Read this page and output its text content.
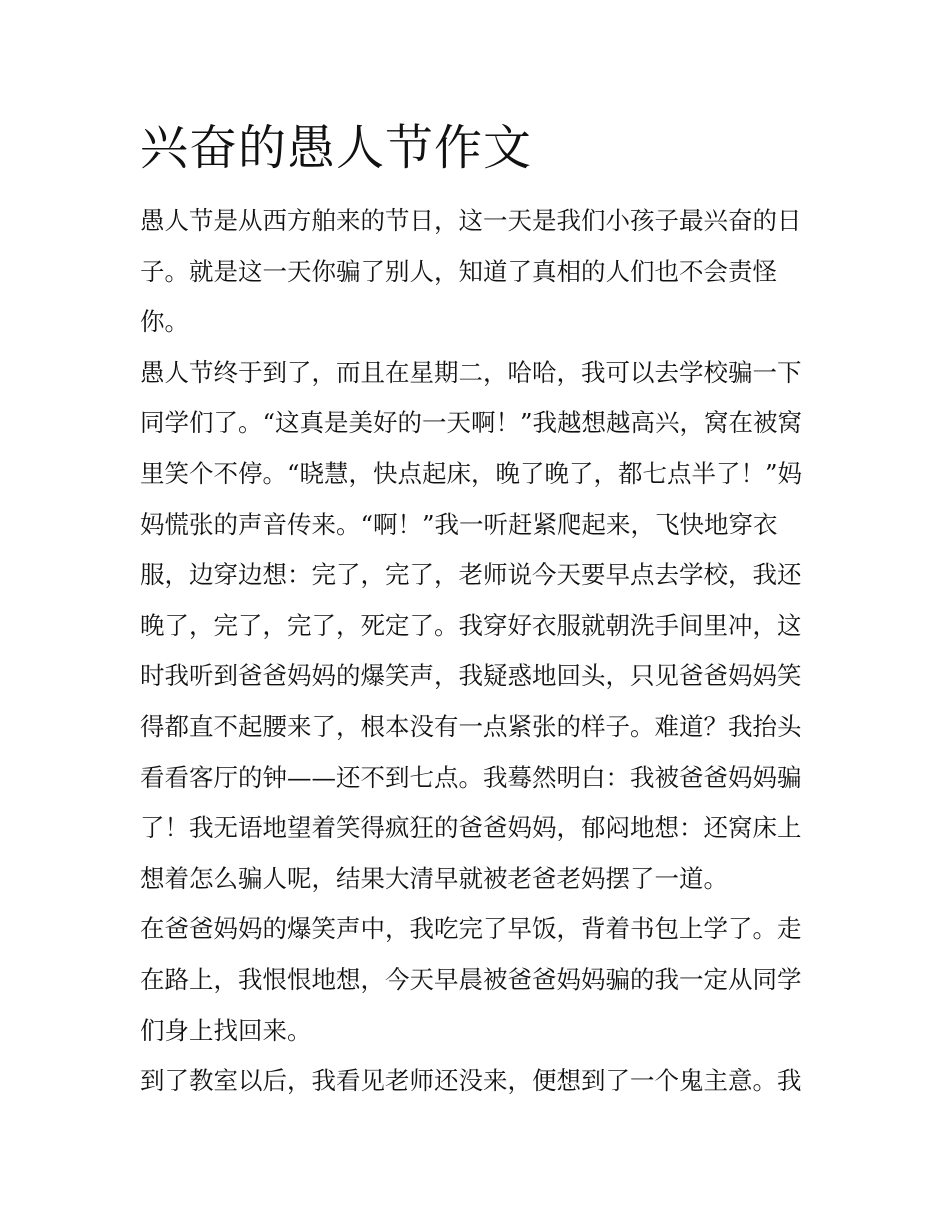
兴奋的愚人节作文
愚人节是从西方舶来的节日，这一天是我们小孩子最兴奋的日
子。就是这一天你骗了别人，知道了真相的人们也不会责怪
你。
愚人节终于到了，而且在星期二，哈哈，我可以去学校骗一下
同学们了。“这真是美好的一天啊！”我越想越高兴，窝在被窝
里笑个不停。“晓慧，快点起床，晚了晚了，都七点半了！”妈
妈慌张的声音传来。“啊！”我一听赶紧爬起来，飞快地穿衣
服，边穿边想：完了，完了，老师说今天要早点去学校，我还
晚了，完了，完了，死定了。我穿好衣服就朝洗手间里冲，这
时我听到爸爸妈妈的爆笑声，我疑惑地回头，只见爸爸妈妈笑
得都直不起腰来了，根本没有一点紧张的样子。难道？我抬头
看看客厅的钟——还不到七点。我蓦然明白：我被爸爸妈妈骗
了！我无语地望着笑得疯狂的爸爸妈妈，郁闷地想：还窝床上
想着怎么骗人呢，结果大清早就被老爸老妈摆了一道。
在爸爸妈妈的爆笑声中，我吃完了早饭，背着书包上学了。走
在路上，我恨恨地想，今天早晨被爸爸妈妈骗的我一定从同学
们身上找回来。
到了教室以后，我看见老师还没来，便想到了一个鬼主意。我
